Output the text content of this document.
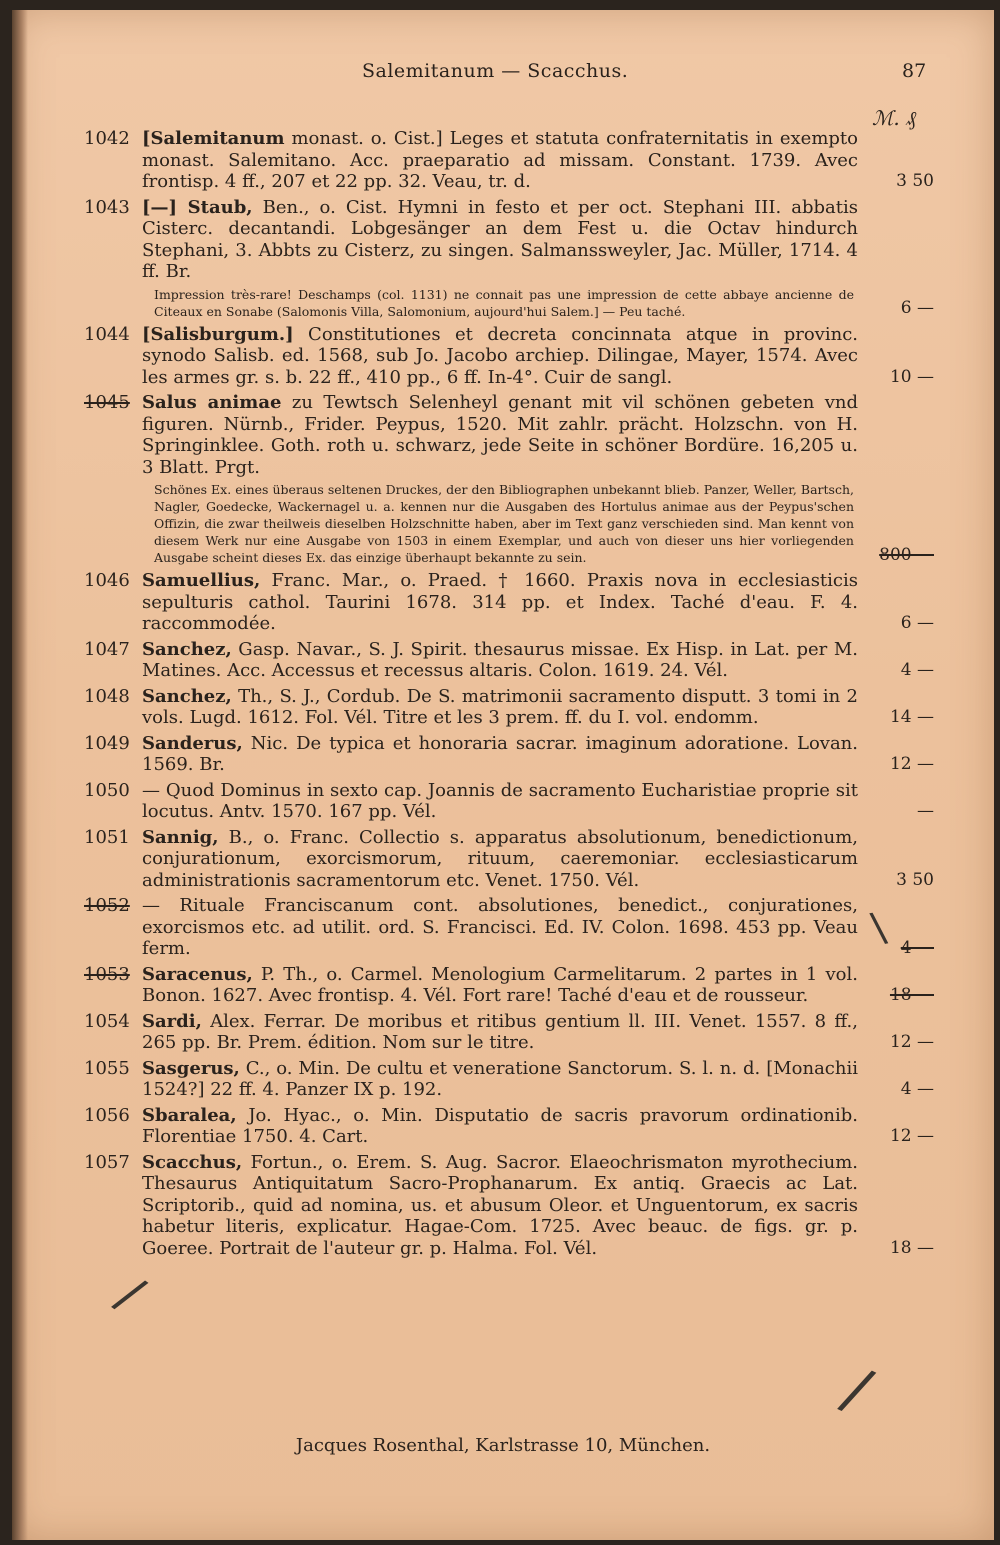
Salemitanum — Scacchus.	87
ℳ. ₰
1042 [Salemitanum monast. o. Cist.] Leges et statuta confraternitatis in exempto monast. Salemitano. Acc. praeparatio ad missam. Constant. 1739. Avec frontisp. 4 ff., 207 et 22 pp. 32. Veau, tr. d.	3 50
1043 [—] Staub, Ben., o. Cist. Hymni in festo et per oct. Stephani III. abbatis Cisterc. decantandi. Lobgesänger an dem Fest u. die Octav hindurch Stephani, 3. Abbts zu Cisterz, zu singen. Salmanssweyler, Jac. Müller, 1714. 4 ff. Br.
Impression très-rare! Deschamps (col. 1131) ne connait pas une impression de cette abbaye ancienne de Citeaux en Sonabe (Salomonis Villa, Salomonium, aujourd'hui Salem.] — Peu taché.	6 —
1044 [Salisburgum.] Constitutiones et decreta concinnata atque in provinc. synodo Salisb. ed. 1568, sub Jo. Jacobo archiep. Dilingae, Mayer, 1574. Avec les armes gr. s. b. 22 ff., 410 pp., 6 ff. In-4°. Cuir de sangl.	10 —
1045 Salus animae zu Tewtsch Selenheyl genant mit vil schönen gebeten vnd figuren. Nürnb., Frider. Peypus, 1520. Mit zahlr. prächt. Holzschn. von H. Springinklee. Goth. roth u. schwarz, jede Seite in schöner Bordüre. 16,205 u. 3 Blatt. Prgt.
Schönes Ex. eines überaus seltenen Druckes, der den Bibliographen unbekannt blieb. Panzer, Weller, Bartsch, Nagler, Goedecke, Wackernagel u. a. kennen nur die Ausgaben des Hortulus animae aus der Peypus'schen Offizin, die zwar theilweis dieselben Holzschnitte haben, aber im Text ganz verschieden sind. Man kennt von diesem Werk nur eine Ausgabe von 1503 in einem Exemplar, und auch von dieser uns hier vorliegenden Ausgabe scheint dieses Ex. das einzige überhaupt bekannte zu sein.	800 —
1046 Samuellius, Franc. Mar., o. Praed. † 1660. Praxis nova in ecclesiasticis sepulturis cathol. Taurini 1678. 314 pp. et Index. Taché d'eau. F. 4. raccommodée.	6 —
1047 Sanchez, Gasp. Navar., S. J. Spirit. thesaurus missae. Ex Hisp. in Lat. per M. Matines. Acc. Accessus et recessus altaris. Colon. 1619. 24. Vél.	4 —
1048 Sanchez, Th., S. J., Cordub. De S. matrimonii sacramento disputt. 3 tomi in 2 vols. Lugd. 1612. Fol. Vél. Titre et les 3 prem. ff. du I. vol. endomm.	14 —
1049 Sanderus, Nic. De typica et honoraria sacrar. imaginum adoratione. Lovan. 1569. Br.	12 —
1050 — Quod Dominus in sexto cap. Joannis de sacramento Eucharistiae proprie sit locutus. Antv. 1570. 167 pp. Vél.	—
1051 Sannig, B., o. Franc. Collectio s. apparatus absolutionum, benedictionum, conjurationum, exorcismorum, rituum, caeremoniar. ecclesiasticarum administrationis sacramentorum etc. Venet. 1750. Vél.	3 50
1052 — Rituale Franciscanum cont. absolutiones, benedict., conjurationes, exorcismos etc. ad utilit. ord. S. Francisci. Ed. IV. Colon. 1698. 453 pp. Veau ferm.	4 —
1053 Saracenus, P. Th., o. Carmel. Menologium Carmelitarum. 2 partes in 1 vol. Bonon. 1627. Avec frontisp. 4. Vél. Fort rare! Taché d'eau et de rousseur.	18 —
1054 Sardi, Alex. Ferrar. De moribus et ritibus gentium ll. III. Venet. 1557. 8 ff., 265 pp. Br. Prem. édition. Nom sur le titre.	12 —
1055 Sasgerus, C., o. Min. De cultu et veneratione Sanctorum. S. l. n. d. [Monachii 1524?] 22 ff. 4. Panzer IX p. 192.	4 —
1056 Sbaralea, Jo. Hyac., o. Min. Disputatio de sacris pravorum ordinationib. Florentiae 1750. 4. Cart.	12 —
1057 Scacchus, Fortun., o. Erem. S. Aug. Sacror. Elaeochrismaton myrothecium. Thesaurus Antiquitatum Sacro-Prophanarum. Ex antiq. Graecis ac Lat. Scriptorib., quid ad nomina, us. et abusum Oleor. et Unguentorum, ex sacris habetur literis, explicatur. Hagae-Com. 1725. Avec beauc. de figs. gr. p. Goeree. Portrait de l'auteur gr. p. Halma. Fol. Vél.	18 —
\
/
/
Jacques Rosenthal, Karlstrasse 10, München.
